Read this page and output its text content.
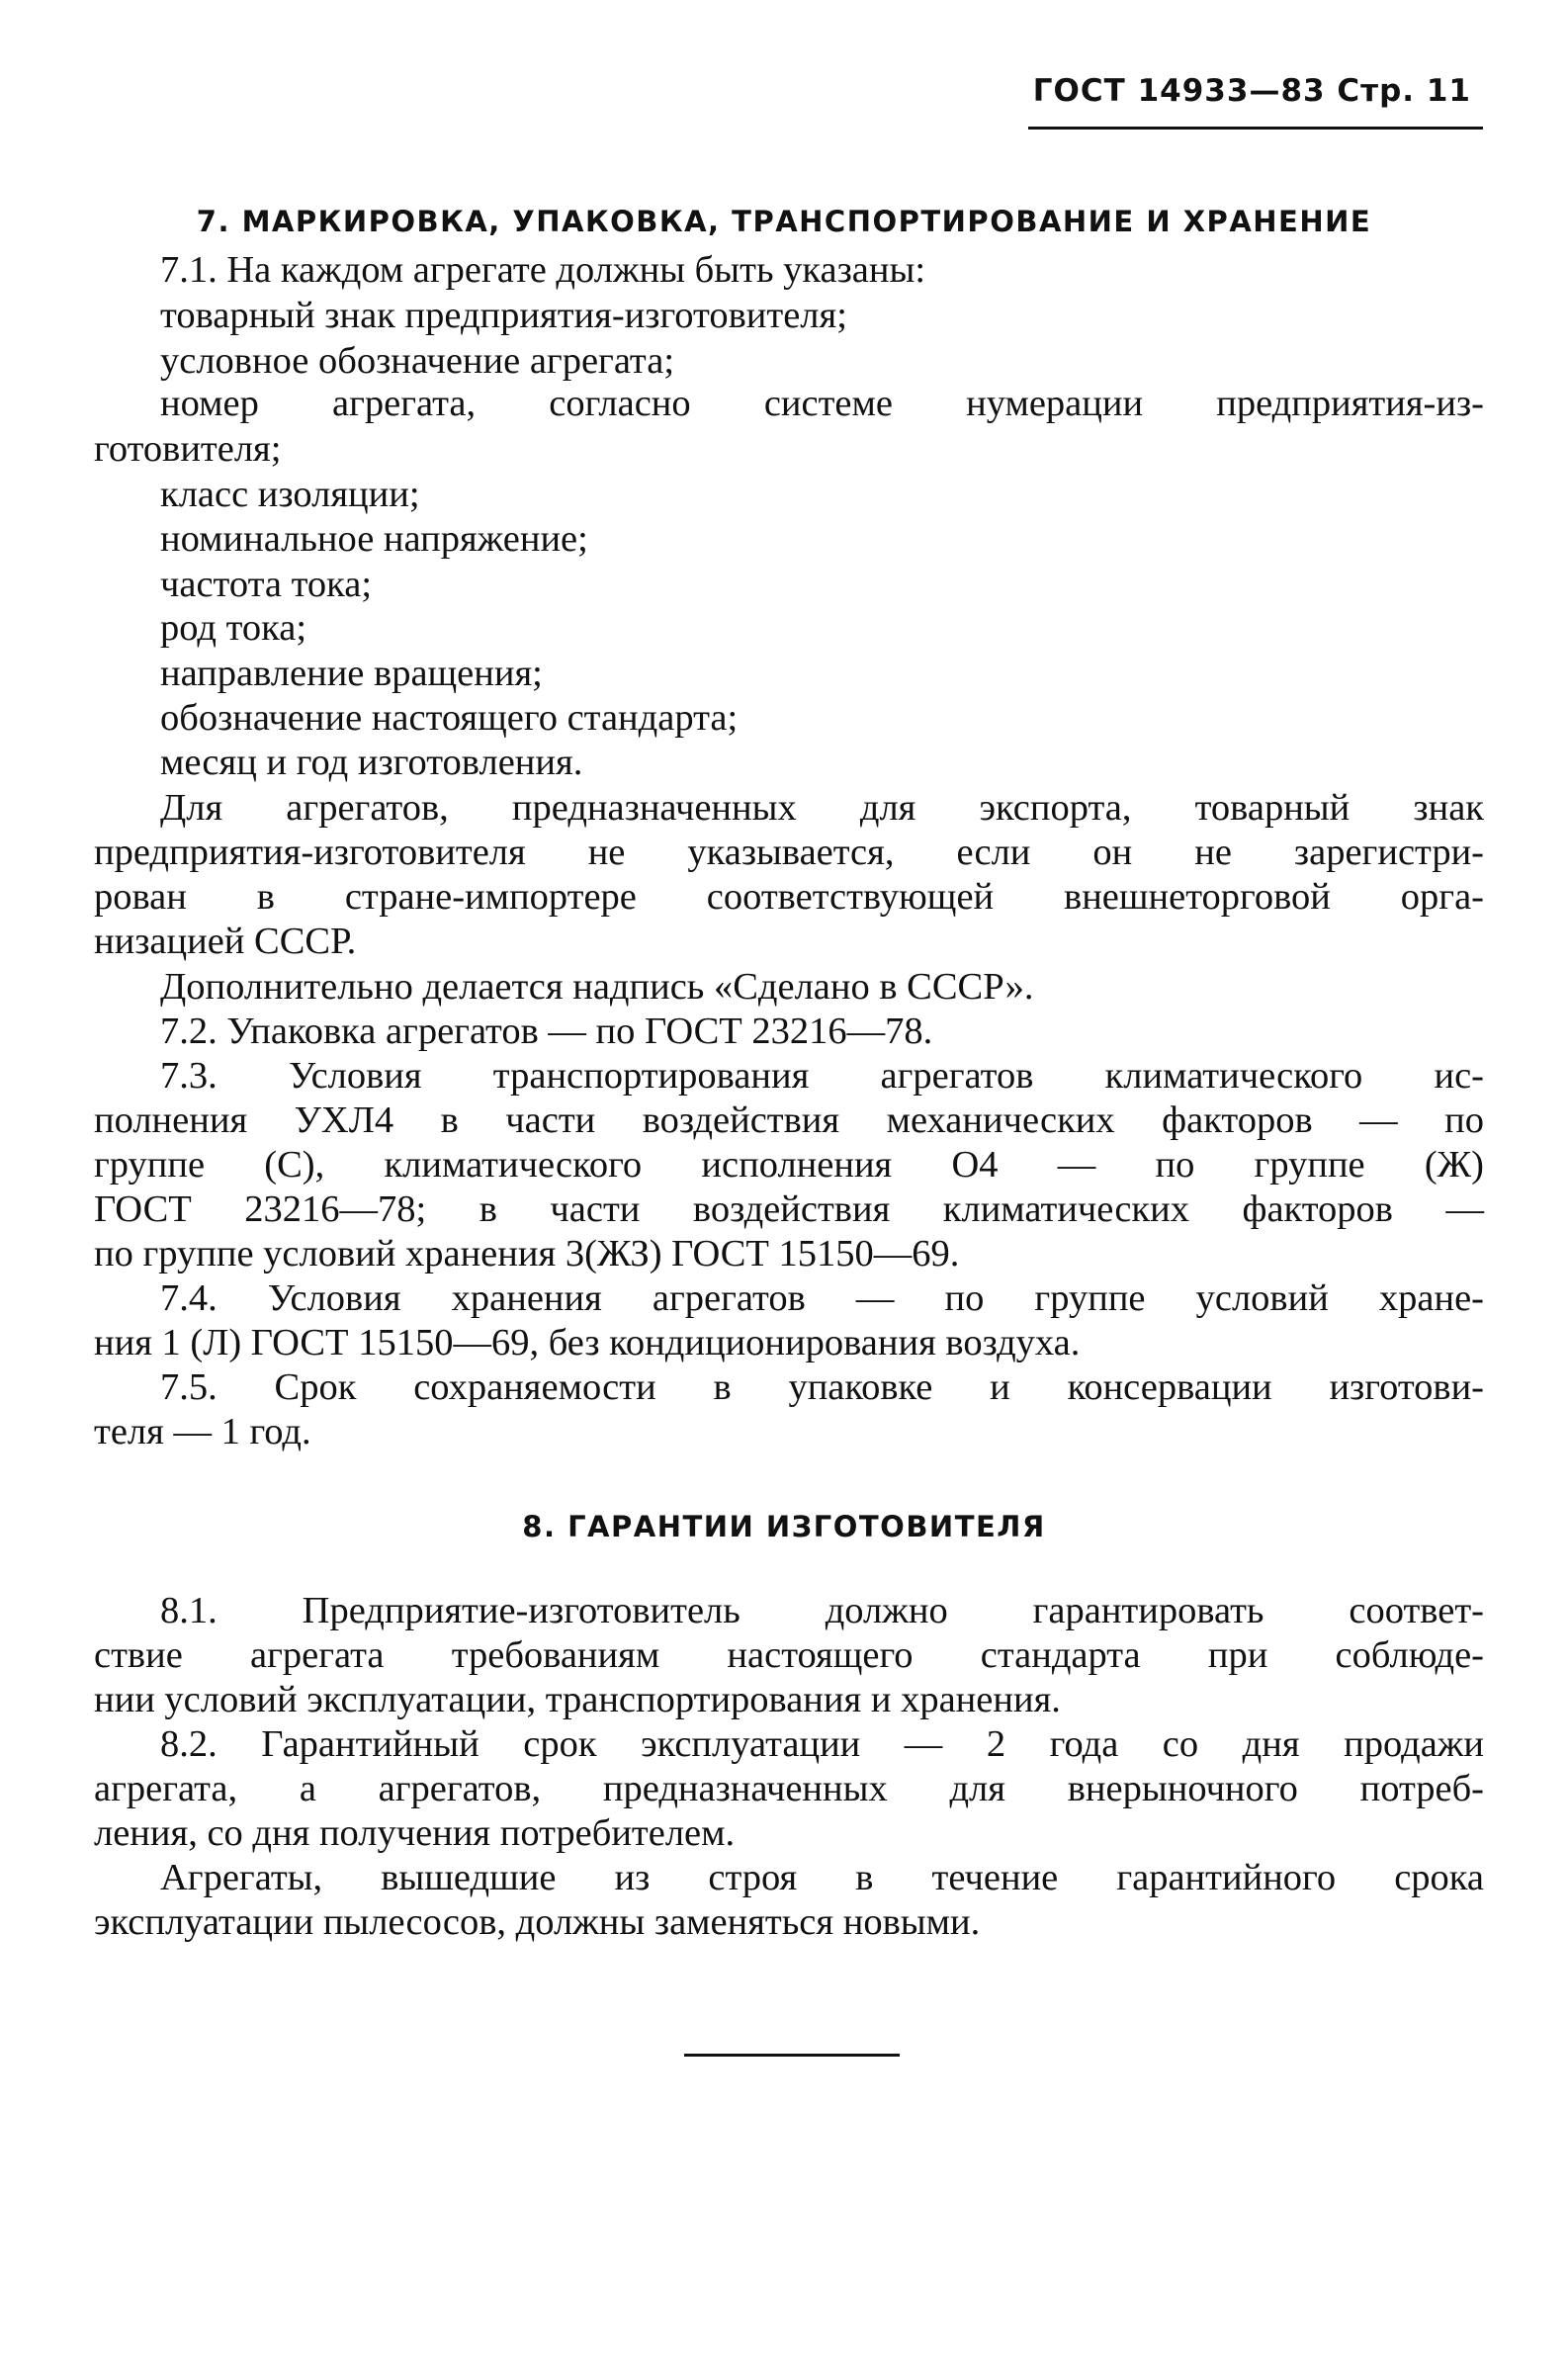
ГОСТ 14933—83 Стр. 11
7. МАРКИРОВКА, УПАКОВКА, ТРАНСПОРТИРОВАНИЕ И ХРАНЕНИЕ
7.1. На каждом агрегате должны быть указаны:
товарный знак предприятия-изготовителя;
условное обозначение агрегата;
номер агрегата, согласно системе нумерации предприятия-из-
готовителя;
класс изоляции;
номинальное напряжение;
частота тока;
род тока;
направление вращения;
обозначение настоящего стандарта;
месяц и год изготовления.
Для агрегатов, предназначенных для экспорта, товарный знак
предприятия-изготовителя не указывается, если он не зарегистри-
рован в стране-импортере соответствующей внешнеторговой орга-
низацией СССР.
Дополнительно делается надпись «Сделано в СССР».
7.2. Упаковка агрегатов — по ГОСТ 23216—78.
7.3. Условия транспортирования агрегатов климатического ис-
полнения УХЛ4 в части воздействия механических факторов — по
группе (С), климатического исполнения О4 — по группе (Ж)
ГОСТ 23216—78; в части воздействия климатических факторов —
по группе условий хранения 3(ЖЗ) ГОСТ 15150—69.
7.4. Условия хранения агрегатов — по группе условий хране-
ния 1 (Л) ГОСТ 15150—69, без кондиционирования воздуха.
7.5. Срок сохраняемости в упаковке и консервации изготови-
теля — 1 год.
8. ГАРАНТИИ ИЗГОТОВИТЕЛЯ
8.1. Предприятие-изготовитель должно гарантировать соответ-
ствие агрегата требованиям настоящего стандарта при соблюде-
нии условий эксплуатации, транспортирования и хранения.
8.2. Гарантийный срок эксплуатации — 2 года со дня продажи
агрегата, а агрегатов, предназначенных для внерыночного потреб-
ления, со дня получения потребителем.
Агрегаты, вышедшие из строя в течение гарантийного срока
эксплуатации пылесосов, должны заменяться новыми.
